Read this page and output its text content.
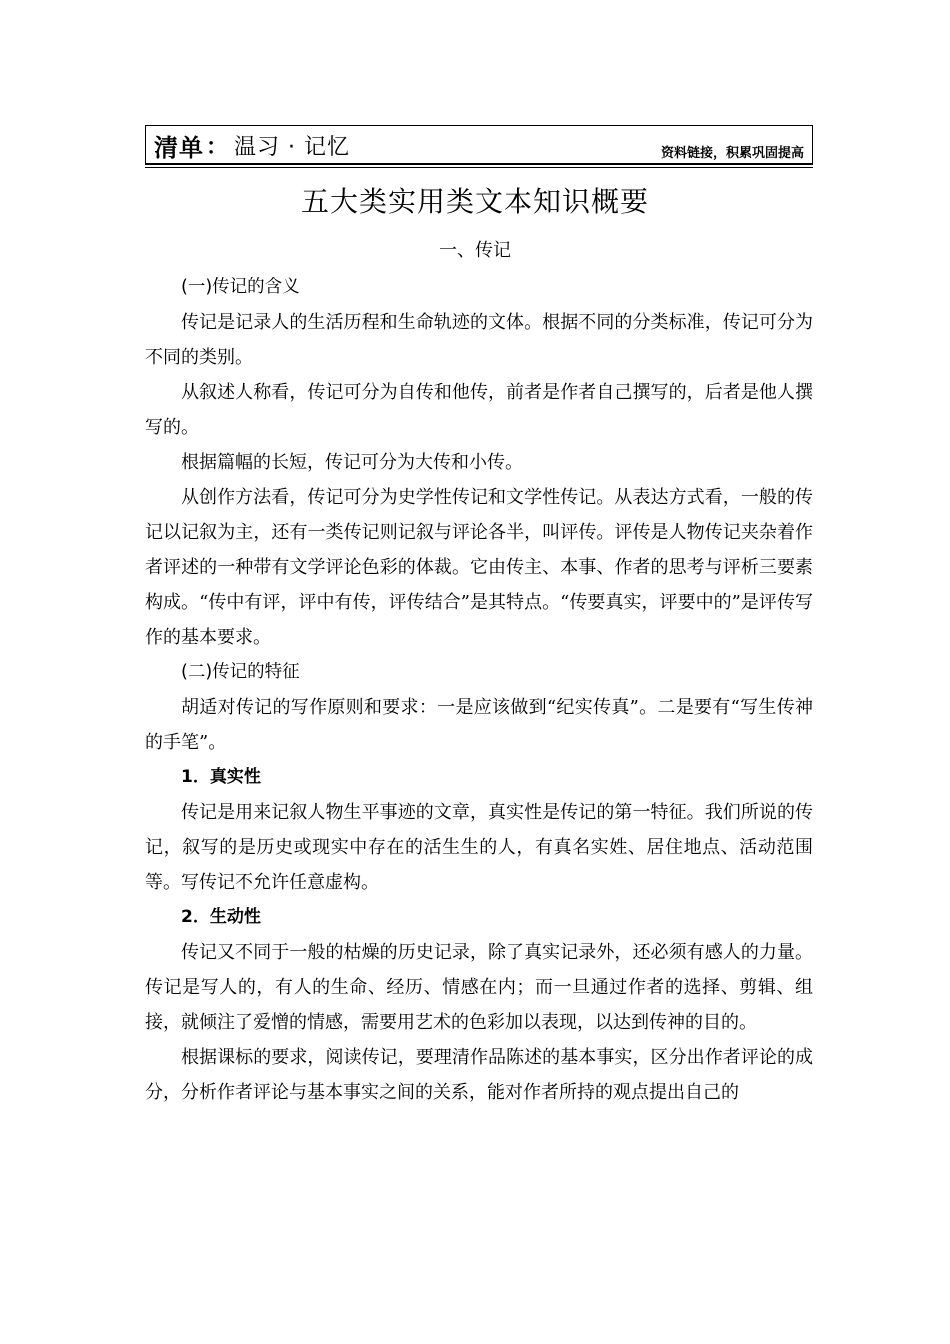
清单 ： 温习 · 记忆	资料链接，积累巩固提高
五大类实用类文本知识概要
一、传记

(一)传记的含义

传记是记录人的生活历程和生命轨迹的文体。根据不同的分类标准，传记可分为不同的类别。

从叙述人称看，传记可分为自传和他传，前者是作者自己撰写的，后者是他人撰写的。

根据篇幅的长短，传记可分为大传和小传。

从创作方法看，传记可分为史学性传记和文学性传记。从表达方式看，一般的传记以记叙为主，还有一类传记则记叙与评论各半，叫评传。评传是人物传记夹杂着作者评述的一种带有文学评论色彩的体裁。它由传主、本事、作者的思考与评析三要素构成。“传中有评，评中有传，评传结合”是其特点。“传要真实，评要中的”是评传写作的基本要求。

(二)传记的特征

胡适对传记的写作原则和要求：一是应该做到“纪实传真”。二是要有“写生传神的手笔”。

1．真实性

传记是用来记叙人物生平事迹的文章，真实性是传记的第一特征。我们所说的传记，叙写的是历史或现实中存在的活生生的人，有真名实姓、居住地点、活动范围等。写传记不允许任意虚构。

2．生动性

传记又不同于一般的枯燥的历史记录，除了真实记录外，还必须有感人的力量。传记是写人的，有人的生命、经历、情感在内；而一旦通过作者的选择、剪辑、组接，就倾注了爱憎的情感，需要用艺术的色彩加以表现，以达到传神的目的。

根据课标的要求，阅读传记，要理清作品陈述的基本事实，区分出作者评论的成分，分析作者评论与基本事实之间的关系，能对作者所持的观点提出自己的
